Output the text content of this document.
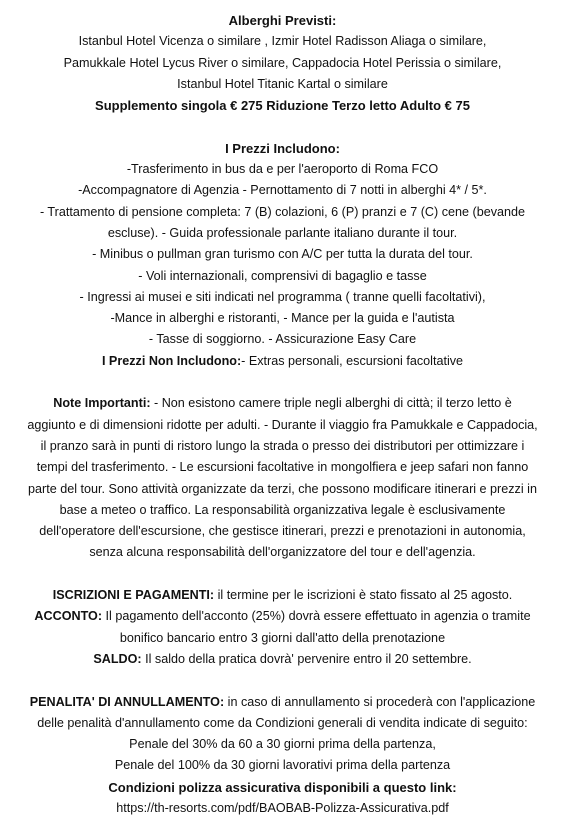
Alberghi Previsti:
Istanbul Hotel Vicenza o similare , Izmir Hotel Radisson Aliaga o similare,
Pamukkale Hotel Lycus River o similare, Cappadocia Hotel Perissia o similare,
Istanbul Hotel Titanic Kartal o similare
Supplemento singola € 275 Riduzione Terzo letto Adulto € 75
I Prezzi Includono:
-Trasferimento in bus da e per l'aeroporto di Roma FCO
-Accompagnatore di Agenzia - Pernottamento di 7 notti in alberghi 4* / 5*.
- Trattamento di pensione completa: 7 (B) colazioni, 6 (P) pranzi e 7 (C) cene (bevande
escluse). - Guida professionale parlante italiano durante il tour.
- Minibus o pullman gran turismo con A/C per tutta la durata del tour.
- Voli internazionali, comprensivi di bagaglio e tasse
- Ingressi ai musei e siti indicati nel programma ( tranne quelli facoltativi),
-Mance in alberghi e ristoranti, - Mance per la guida e l'autista
- Tasse di soggiorno. - Assicurazione Easy Care
I Prezzi Non Includono:- Extras personali, escursioni facoltative
Note Importanti: - Non esistono camere triple negli alberghi di città; il terzo letto è
aggiunto e di dimensioni ridotte per adulti. - Durante il viaggio fra Pamukkale e Cappadocia,
il pranzo sarà in punti di ristoro lungo la strada o presso dei distributori per ottimizzare i
tempi del trasferimento. - Le escursioni facoltative in mongolfiera e jeep safari non fanno
parte del tour. Sono attività organizzate da terzi, che possono modificare itinerari e prezzi in
base a meteo o traffico. La responsabilità organizzativa legale è esclusivamente
dell'operatore dell'escursione, che gestisce itinerari, prezzi e prenotazioni in autonomia,
senza alcuna responsabilità dell'organizzatore del tour e dell'agenzia.
ISCRIZIONI E PAGAMENTI: il termine per le iscrizioni è stato fissato al 25 agosto.
ACCONTO: Il pagamento dell'acconto (25%) dovrà essere effettuato in agenzia o tramite
bonifico bancario entro 3 giorni dall'atto della prenotazione
SALDO: Il saldo della pratica dovrà' pervenire entro il 20 settembre.
PENALITA' DI ANNULLAMENTO: in caso di annullamento si procederà con l'applicazione
delle penalità d'annullamento come da Condizioni generali di vendita indicate di seguito:
Penale del 30% da 60 a 30 giorni prima della partenza,
Penale del 100% da 30 giorni lavorativi prima della partenza
Condizioni polizza assicurativa disponibili a questo link:
https://th-resorts.com/pdf/BAOBAB-Polizza-Assicurativa.pdf
